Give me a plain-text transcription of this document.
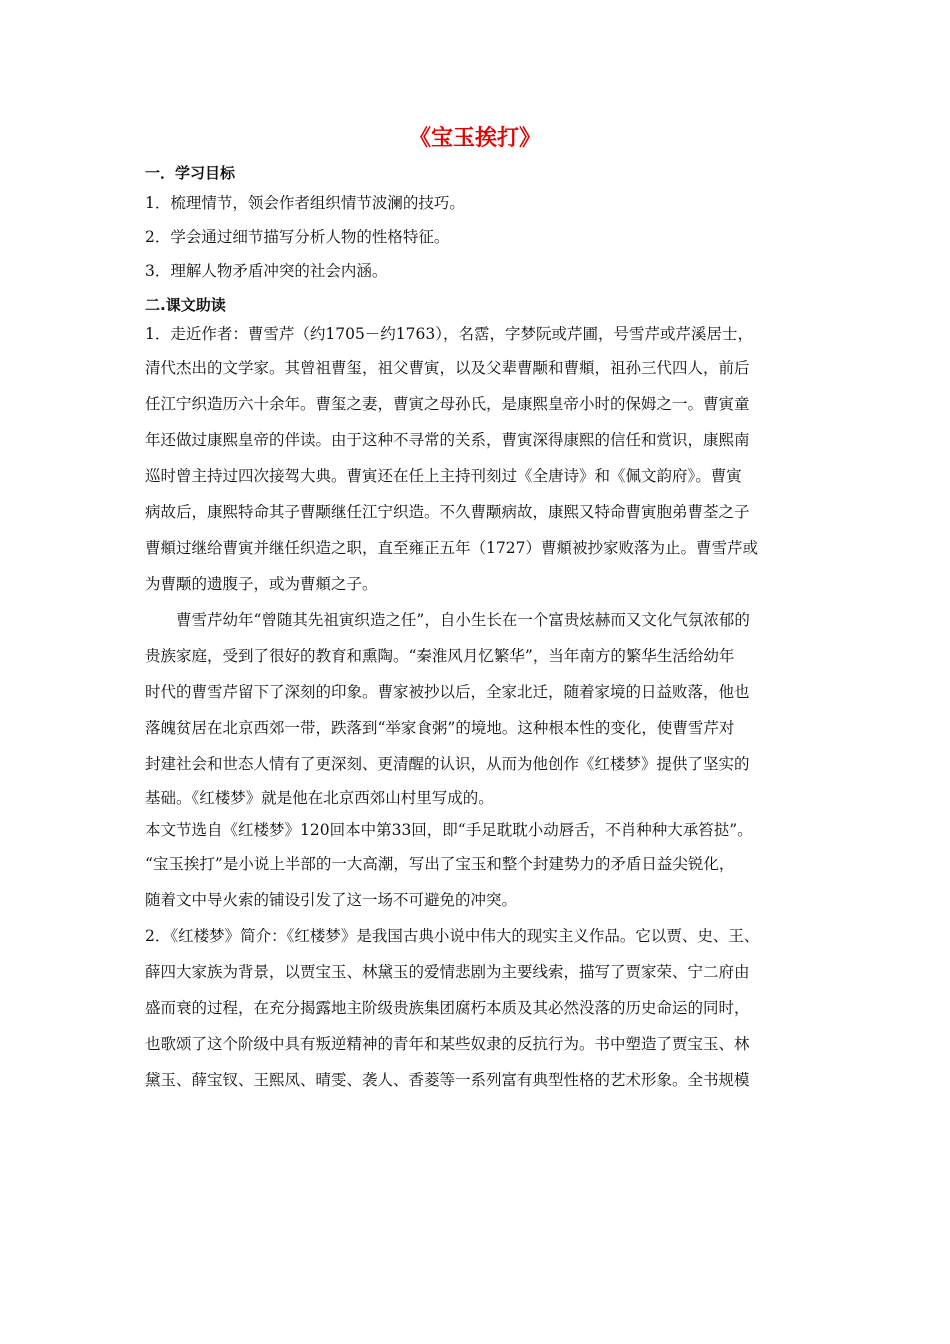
《宝玉挨打》
一．学习目标
1．梳理情节，领会作者组织情节波澜的技巧。
2．学会通过细节描写分析人物的性格特征。
3．理解人物矛盾冲突的社会内涵。
二.课文助读
1．走近作者：曹雪芹（约1705－约1763），名霑，字梦阮或芹圃，号雪芹或芹溪居士，
清代杰出的文学家。其曾祖曹玺，祖父曹寅，以及父辈曹颙和曹頫，祖孙三代四人，前后
任江宁织造历六十余年。曹玺之妻，曹寅之母孙氏，是康熙皇帝小时的保姆之一。曹寅童
年还做过康熙皇帝的伴读。由于这种不寻常的关系，曹寅深得康熙的信任和赏识，康熙南
巡时曾主持过四次接驾大典。曹寅还在任上主持刊刻过《全唐诗》和《佩文韵府》。曹寅
病故后，康熙特命其子曹颙继任江宁织造。不久曹颙病故，康熙又特命曹寅胞弟曹荃之子
曹頫过继给曹寅并继任织造之职，直至雍正五年（1727）曹頫被抄家败落为止。曹雪芹或
为曹颙的遗腹子，或为曹頫之子。
曹雪芹幼年“曾随其先祖寅织造之任”，自小生长在一个富贵炫赫而又文化气氛浓郁的
贵族家庭，受到了很好的教育和熏陶。“秦淮风月忆繁华”，当年南方的繁华生活给幼年
时代的曹雪芹留下了深刻的印象。曹家被抄以后，全家北迁，随着家境的日益败落，他也
落魄贫居在北京西郊一带，跌落到“举家食粥”的境地。这种根本性的变化，使曹雪芹对
封建社会和世态人情有了更深刻、更清醒的认识，从而为他创作《红楼梦》提供了坚实的
基础。《红楼梦》就是他在北京西郊山村里写成的。
本文节选自《红楼梦》120回本中第33回，即“手足耽耽小动唇舌，不肖种种大承笞挞”。
“宝玉挨打”是小说上半部的一大高潮，写出了宝玉和整个封建势力的矛盾日益尖锐化，
随着文中导火索的铺设引发了这一场不可避免的冲突。
2．《红楼梦》简介：《红楼梦》是我国古典小说中伟大的现实主义作品。它以贾、史、王、
薛四大家族为背景，以贾宝玉、林黛玉的爱情悲剧为主要线索，描写了贾家荣、宁二府由
盛而衰的过程，在充分揭露地主阶级贵族集团腐朽本质及其必然没落的历史命运的同时，
也歌颂了这个阶级中具有叛逆精神的青年和某些奴隶的反抗行为。书中塑造了贾宝玉、林
黛玉、薛宝钗、王熙凤、晴雯、袭人、香菱等一系列富有典型性格的艺术形象。全书规模
